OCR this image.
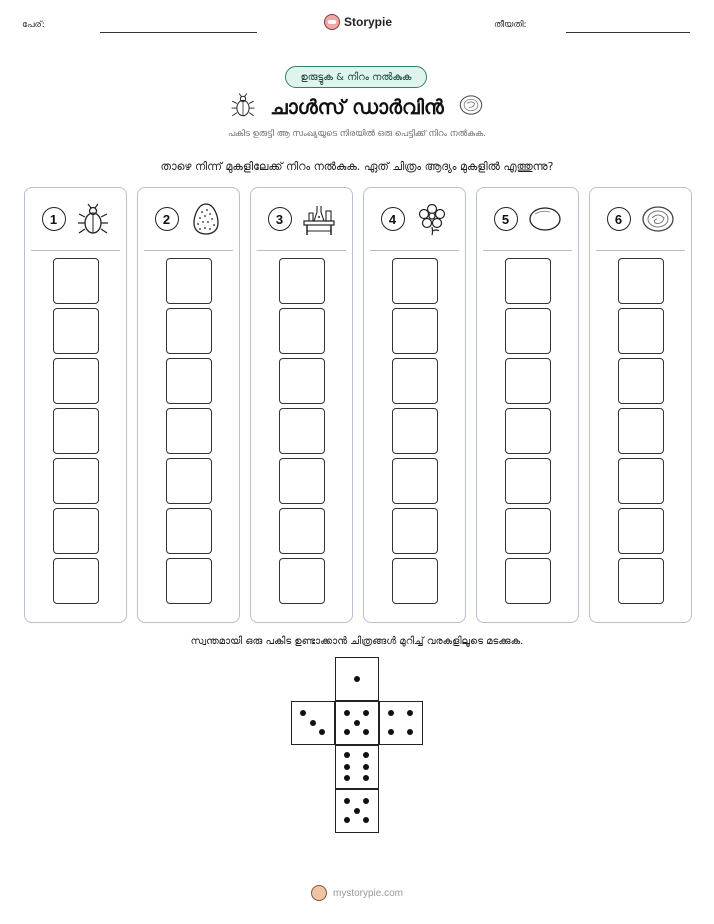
പേര്:	Storypie	തീയതി:
ഉരുട്ടുക & നിറം നൽകുക
ചാൾസ് ഡാർവിൻ
പകിട ഉരുട്ടി ആ സംഖ്യയുടെ നിരയിൽ ഒരു പെട്ടിക്ക് നിറം നൽകുക.
താഴെ നിന്ന് മുകളിലേക്ക് നിറം നൽകുക. ഏത് ചിത്രം ആദ്യം മുകളിൽ എത്തുന്നു?
1	2	3	4	5	6
സ്വന്തമായി ഒരു പകിട ഉണ്ടാക്കാൻ ചിത്രങ്ങൾ മുറിച്ച് വരകളിലൂടെ മടക്കുക.
mystorypie.com
